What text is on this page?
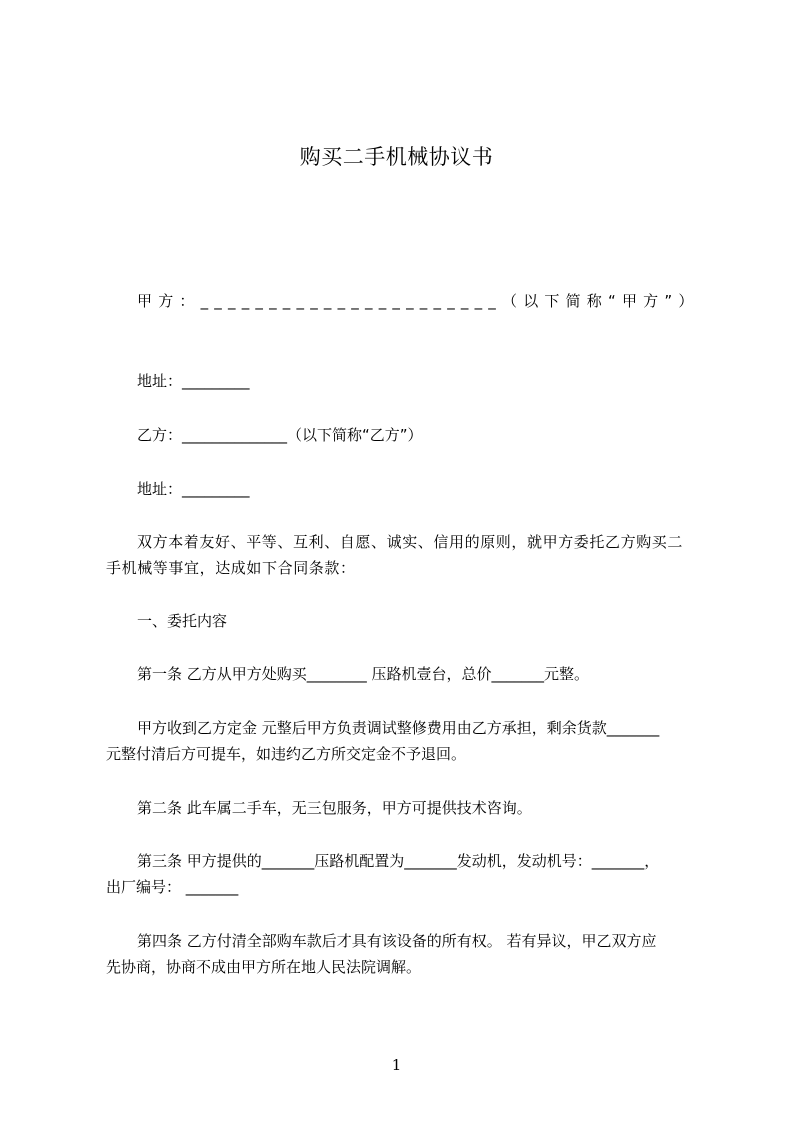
购买二手机械协议书
甲方：______________________（以下简称“甲方”）
地址：_________
乙方：______________（以下简称“乙方”）
地址：_________
双方本着友好、平等、互利、自愿、诚实、信用的原则，就甲方委托乙方购买二
手机械等事宜，达成如下合同条款：
一、委托内容
第一条 乙方从甲方处购买________ 压路机壹台，总价_______元整。
甲方收到乙方定金 元整后甲方负责调试整修费用由乙方承担，剩余货款_______
元整付清后方可提车，如违约乙方所交定金不予退回。
第二条 此车属二手车，无三包服务，甲方可提供技术咨询。
第三条 甲方提供的_______压路机配置为_______发动机，发动机号：_______，
出厂编号： _______
第四条 乙方付清全部购车款后才具有该设备的所有权。 若有异议，甲乙双方应
先协商，协商不成由甲方所在地人民法院调解。
1
